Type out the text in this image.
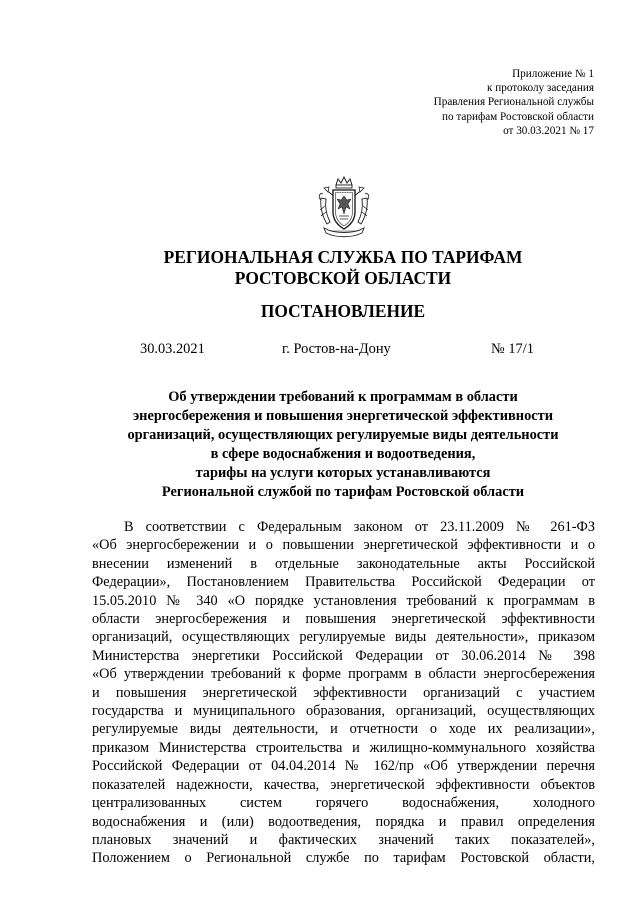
Приложение № 1
к протоколу заседания
Правления Региональной службы
по тарифам Ростовской области
от 30.03.2021 № 17
РЕГИОНАЛЬНАЯ СЛУЖБА ПО ТАРИФАМ
РОСТОВСКОЙ ОБЛАСТИ
ПОСТАНОВЛЕНИЕ
30.03.2021	г. Ростов-на-Дону	№ 17/1
Об утверждении требований к программам в области
энергосбережения и повышения энергетической эффективности
организаций, осуществляющих регулируемые виды деятельности
в сфере водоснабжения и водоотведения,
тарифы на услуги которых устанавливаются
Региональной службой по тарифам Ростовской области
В соответствии с Федеральным законом от 23.11.2009 № 261-ФЗ
«Об энергосбережении и о повышении энергетической эффективности и о
внесении изменений в отдельные законодательные акты Российской
Федерации», Постановлением Правительства Российской Федерации от
15.05.2010 № 340 «О порядке установления требований к программам в
области энергосбережения и повышения энергетической эффективности
организаций, осуществляющих регулируемые виды деятельности», приказом
Министерства энергетики Российской Федерации от 30.06.2014 № 398
«Об утверждении требований к форме программ в области энергосбережения
и повышения энергетической эффективности организаций с участием
государства и муниципального образования, организаций, осуществляющих
регулируемые виды деятельности, и отчетности о ходе их реализации»,
приказом Министерства строительства и жилищно-коммунального хозяйства
Российской Федерации от 04.04.2014 № 162/пр «Об утверждении перечня
показателей надежности, качества, энергетической эффективности объектов
централизованных систем горячего водоснабжения, холодного
водоснабжения и (или) водоотведения, порядка и правил определения
плановых значений и фактических значений таких показателей»,
Положением о Региональной службе по тарифам Ростовской области,
